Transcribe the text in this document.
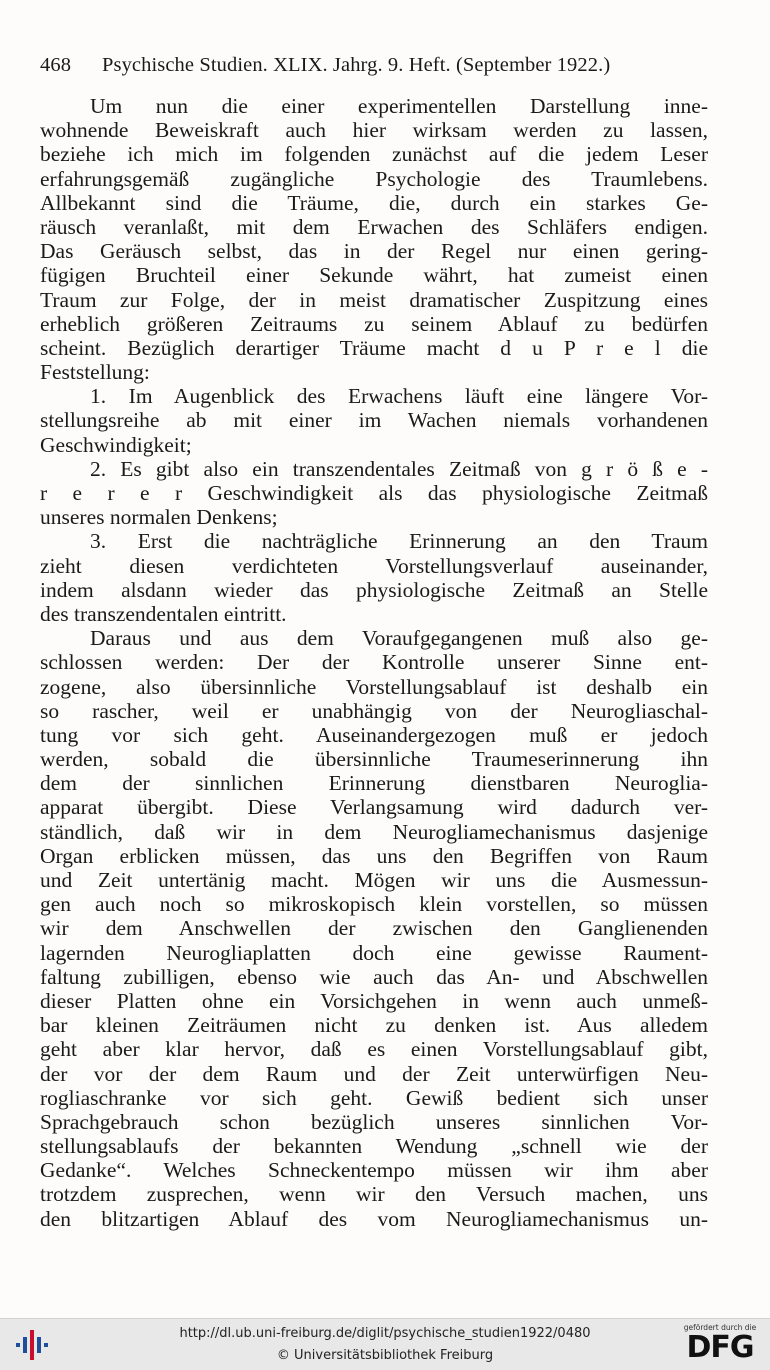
468 Psychische Studien. XLIX. Jahrg. 9. Heft. (September 1922.)
Um nun die einer experimentellen Darstellung inne-
wohnende Beweiskraft auch hier wirksam werden zu lassen,
beziehe ich mich im folgenden zunächst auf die jedem Leser
erfahrungsgemäß zugängliche Psychologie des Traumlebens.
Allbekannt sind die Träume, die, durch ein starkes Ge-
räusch veranlaßt, mit dem Erwachen des Schläfers endigen.
Das Geräusch selbst, das in der Regel nur einen gering-
fügigen Bruchteil einer Sekunde währt, hat zumeist einen
Traum zur Folge, der in meist dramatischer Zuspitzung eines
erheblich größeren Zeitraums zu seinem Ablauf zu bedürfen
scheint. Bezüglich derartiger Träume macht d u P r e l die
Feststellung:
1. Im Augenblick des Erwachens läuft eine längere Vor-
stellungsreihe ab mit einer im Wachen niemals vorhandenen
Geschwindigkeit;
2. Es gibt also ein transzendentales Zeitmaß von g r ö ß e -
r e r e r Geschwindigkeit als das physiologische Zeitmaß
unseres normalen Denkens;
3. Erst die nachträgliche Erinnerung an den Traum
zieht diesen verdichteten Vorstellungsverlauf auseinander,
indem alsdann wieder das physiologische Zeitmaß an Stelle
des transzendentalen eintritt.
Daraus und aus dem Voraufgegangenen muß also ge-
schlossen werden: Der der Kontrolle unserer Sinne ent-
zogene, also übersinnliche Vorstellungsablauf ist deshalb ein
so rascher, weil er unabhängig von der Neurogliaschal-
tung vor sich geht. Auseinandergezogen muß er jedoch
werden, sobald die übersinnliche Traumeserinnerung ihn
dem der sinnlichen Erinnerung dienstbaren Neuroglia-
apparat übergibt. Diese Verlangsamung wird dadurch ver-
ständlich, daß wir in dem Neurogliamechanismus dasjenige
Organ erblicken müssen, das uns den Begriffen von Raum
und Zeit untertänig macht. Mögen wir uns die Ausmessun-
gen auch noch so mikroskopisch klein vorstellen, so müssen
wir dem Anschwellen der zwischen den Ganglienenden
lagernden Neurogliaplatten doch eine gewisse Raument-
faltung zubilligen, ebenso wie auch das An- und Abschwellen
dieser Platten ohne ein Vorsichgehen in wenn auch unmeß-
bar kleinen Zeiträumen nicht zu denken ist. Aus alledem
geht aber klar hervor, daß es einen Vorstellungsablauf gibt,
der vor der dem Raum und der Zeit unterwürfigen Neu-
rogliaschranke vor sich geht. Gewiß bedient sich unser
Sprachgebrauch schon bezüglich unseres sinnlichen Vor-
stellungsablaufs der bekannten Wendung „schnell wie der
Gedanke“. Welches Schneckentempo müssen wir ihm aber
trotzdem zusprechen, wenn wir den Versuch machen, uns
den blitzartigen Ablauf des vom Neurogliamechanismus un-
http://dl.ub.uni-freiburg.de/diglit/psychische_studien1922/0480
© Universitätsbibliothek Freiburg
gefördert durch die
DFG
